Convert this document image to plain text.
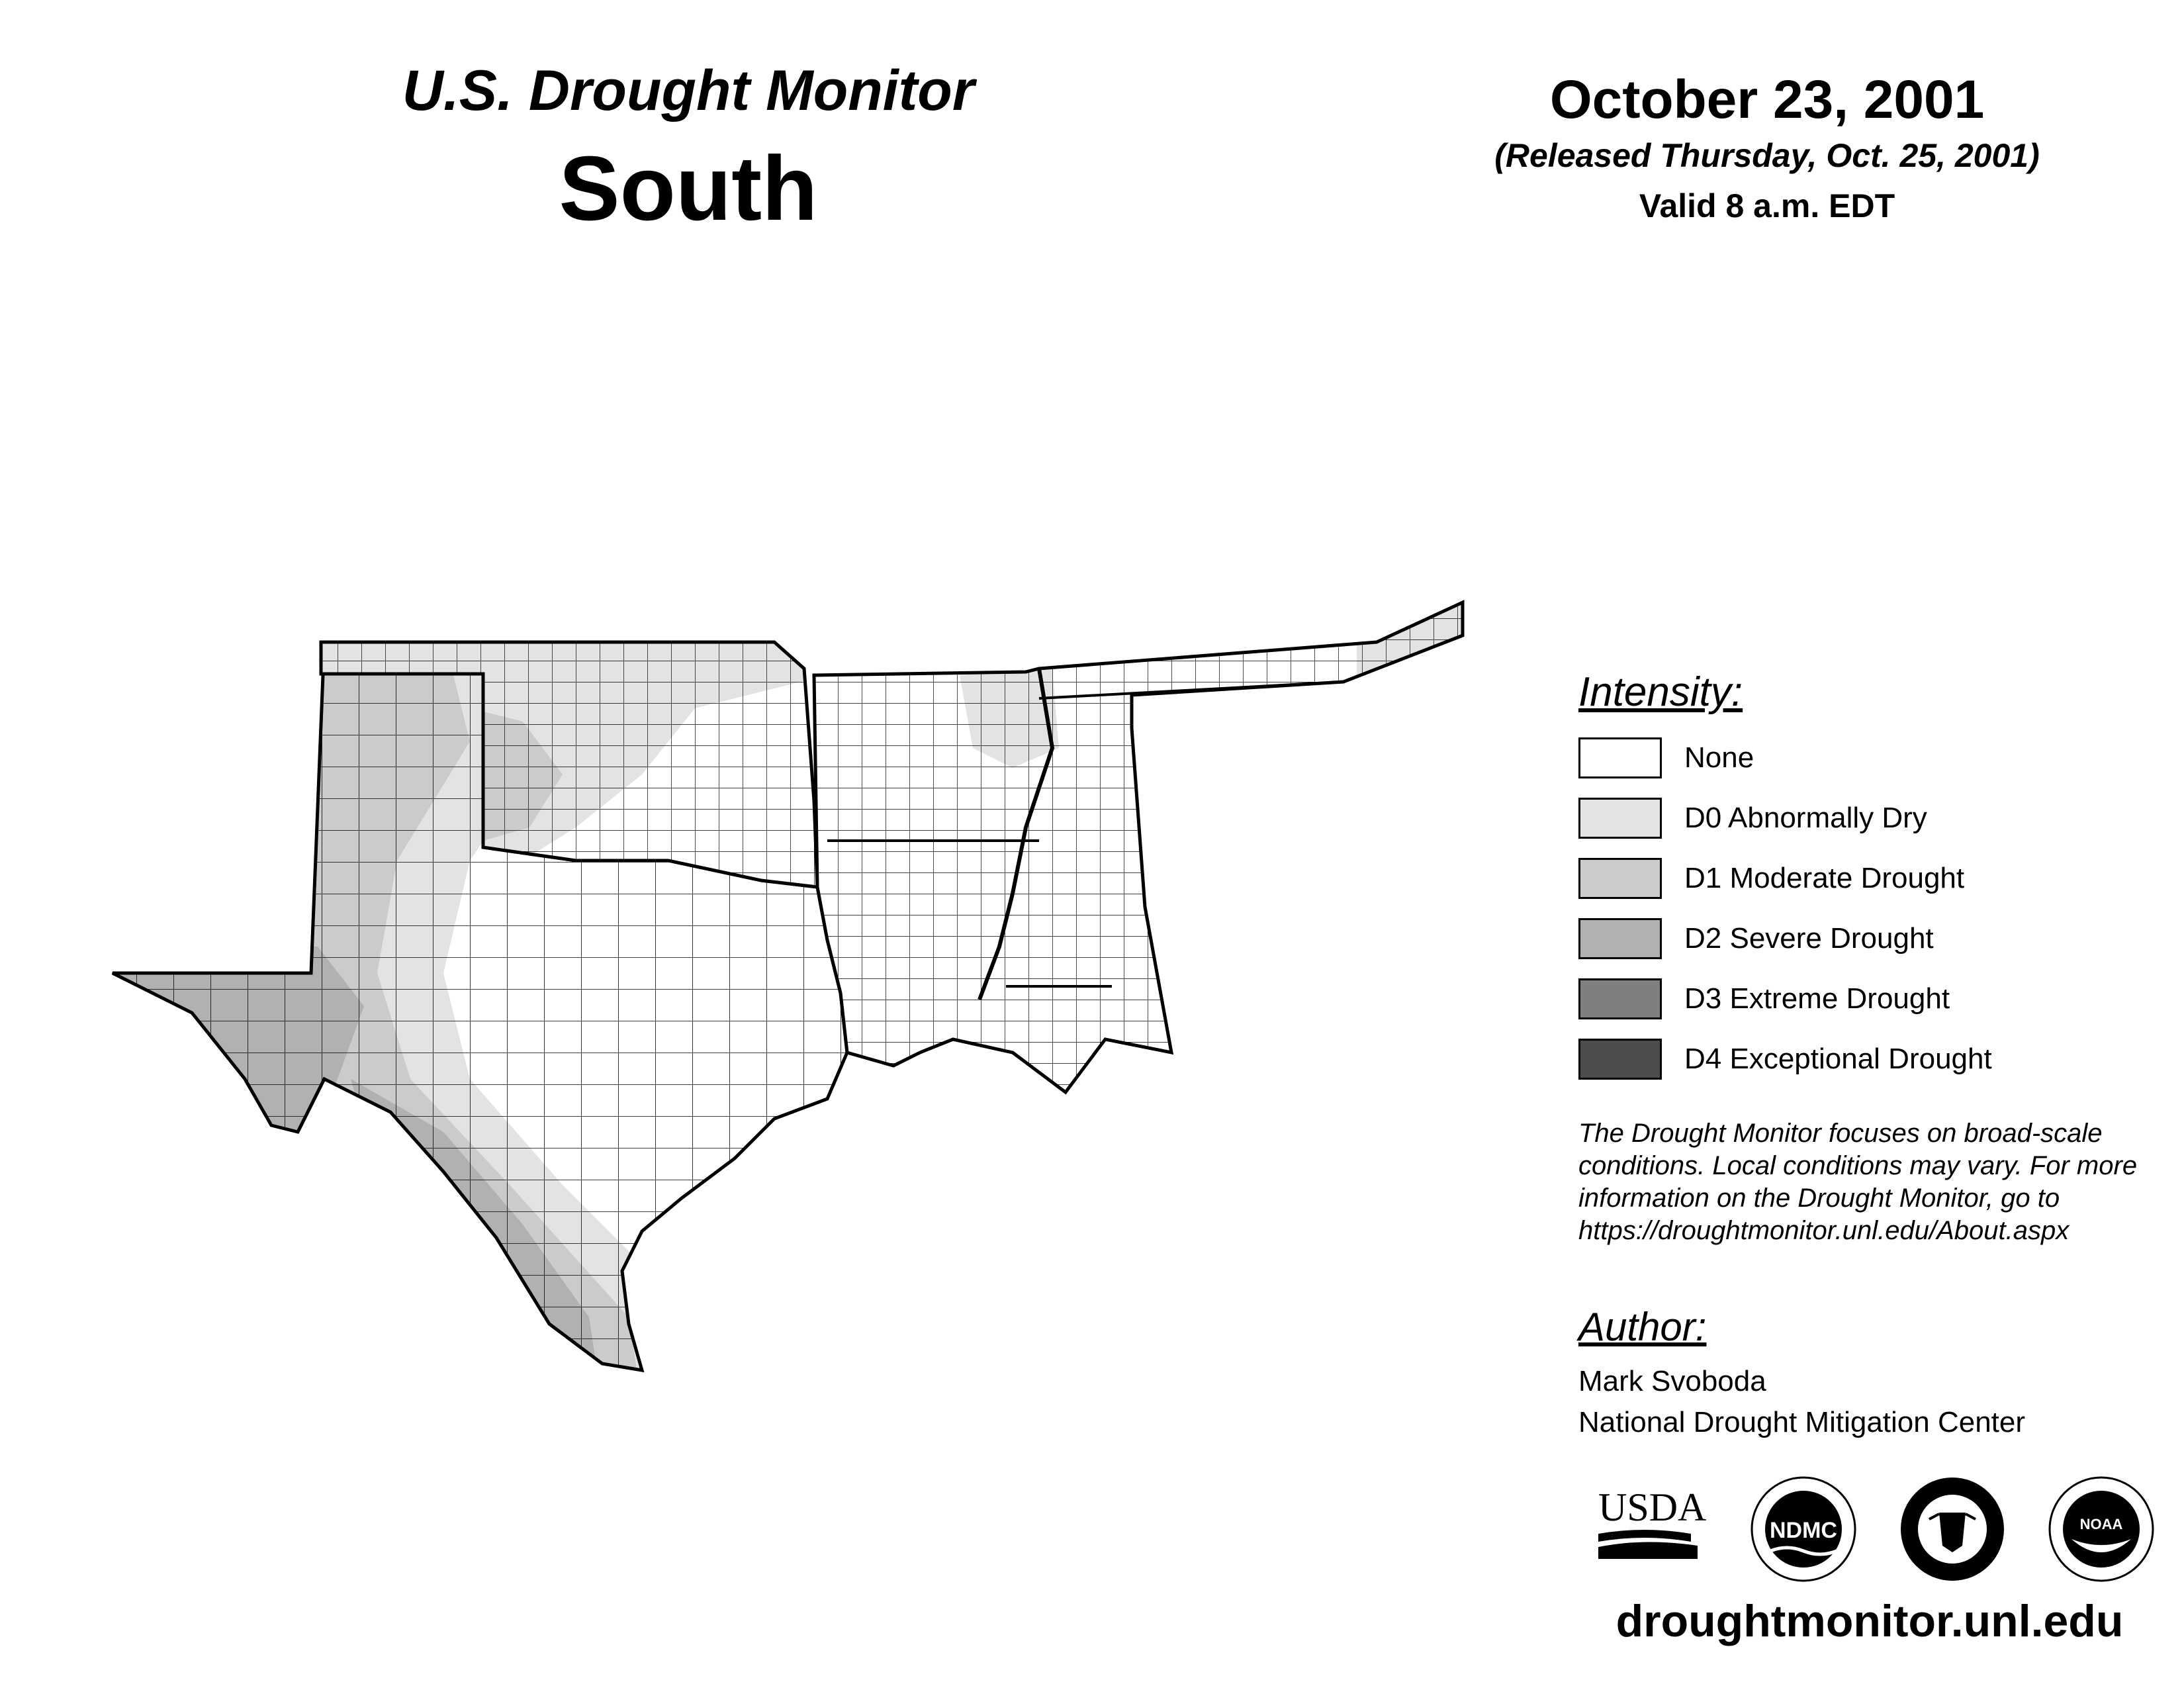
U.S. Drought Monitor
South
October 23, 2001
(Released Thursday, Oct. 25, 2001)
Valid 8 a.m. EDT
Intensity:
None
D0 Abnormally Dry
D1 Moderate Drought
D2 Severe Drought
D3 Extreme Drought
D4 Exceptional Drought
The Drought Monitor focuses on broad-scale conditions. Local conditions may vary. For more information on the Drought Monitor, go to https://droughtmonitor.unl.edu/About.aspx
Author:
Mark Svoboda
National Drought Mitigation Center
USDA
NDMC	NOAA
droughtmonitor.unl.edu
